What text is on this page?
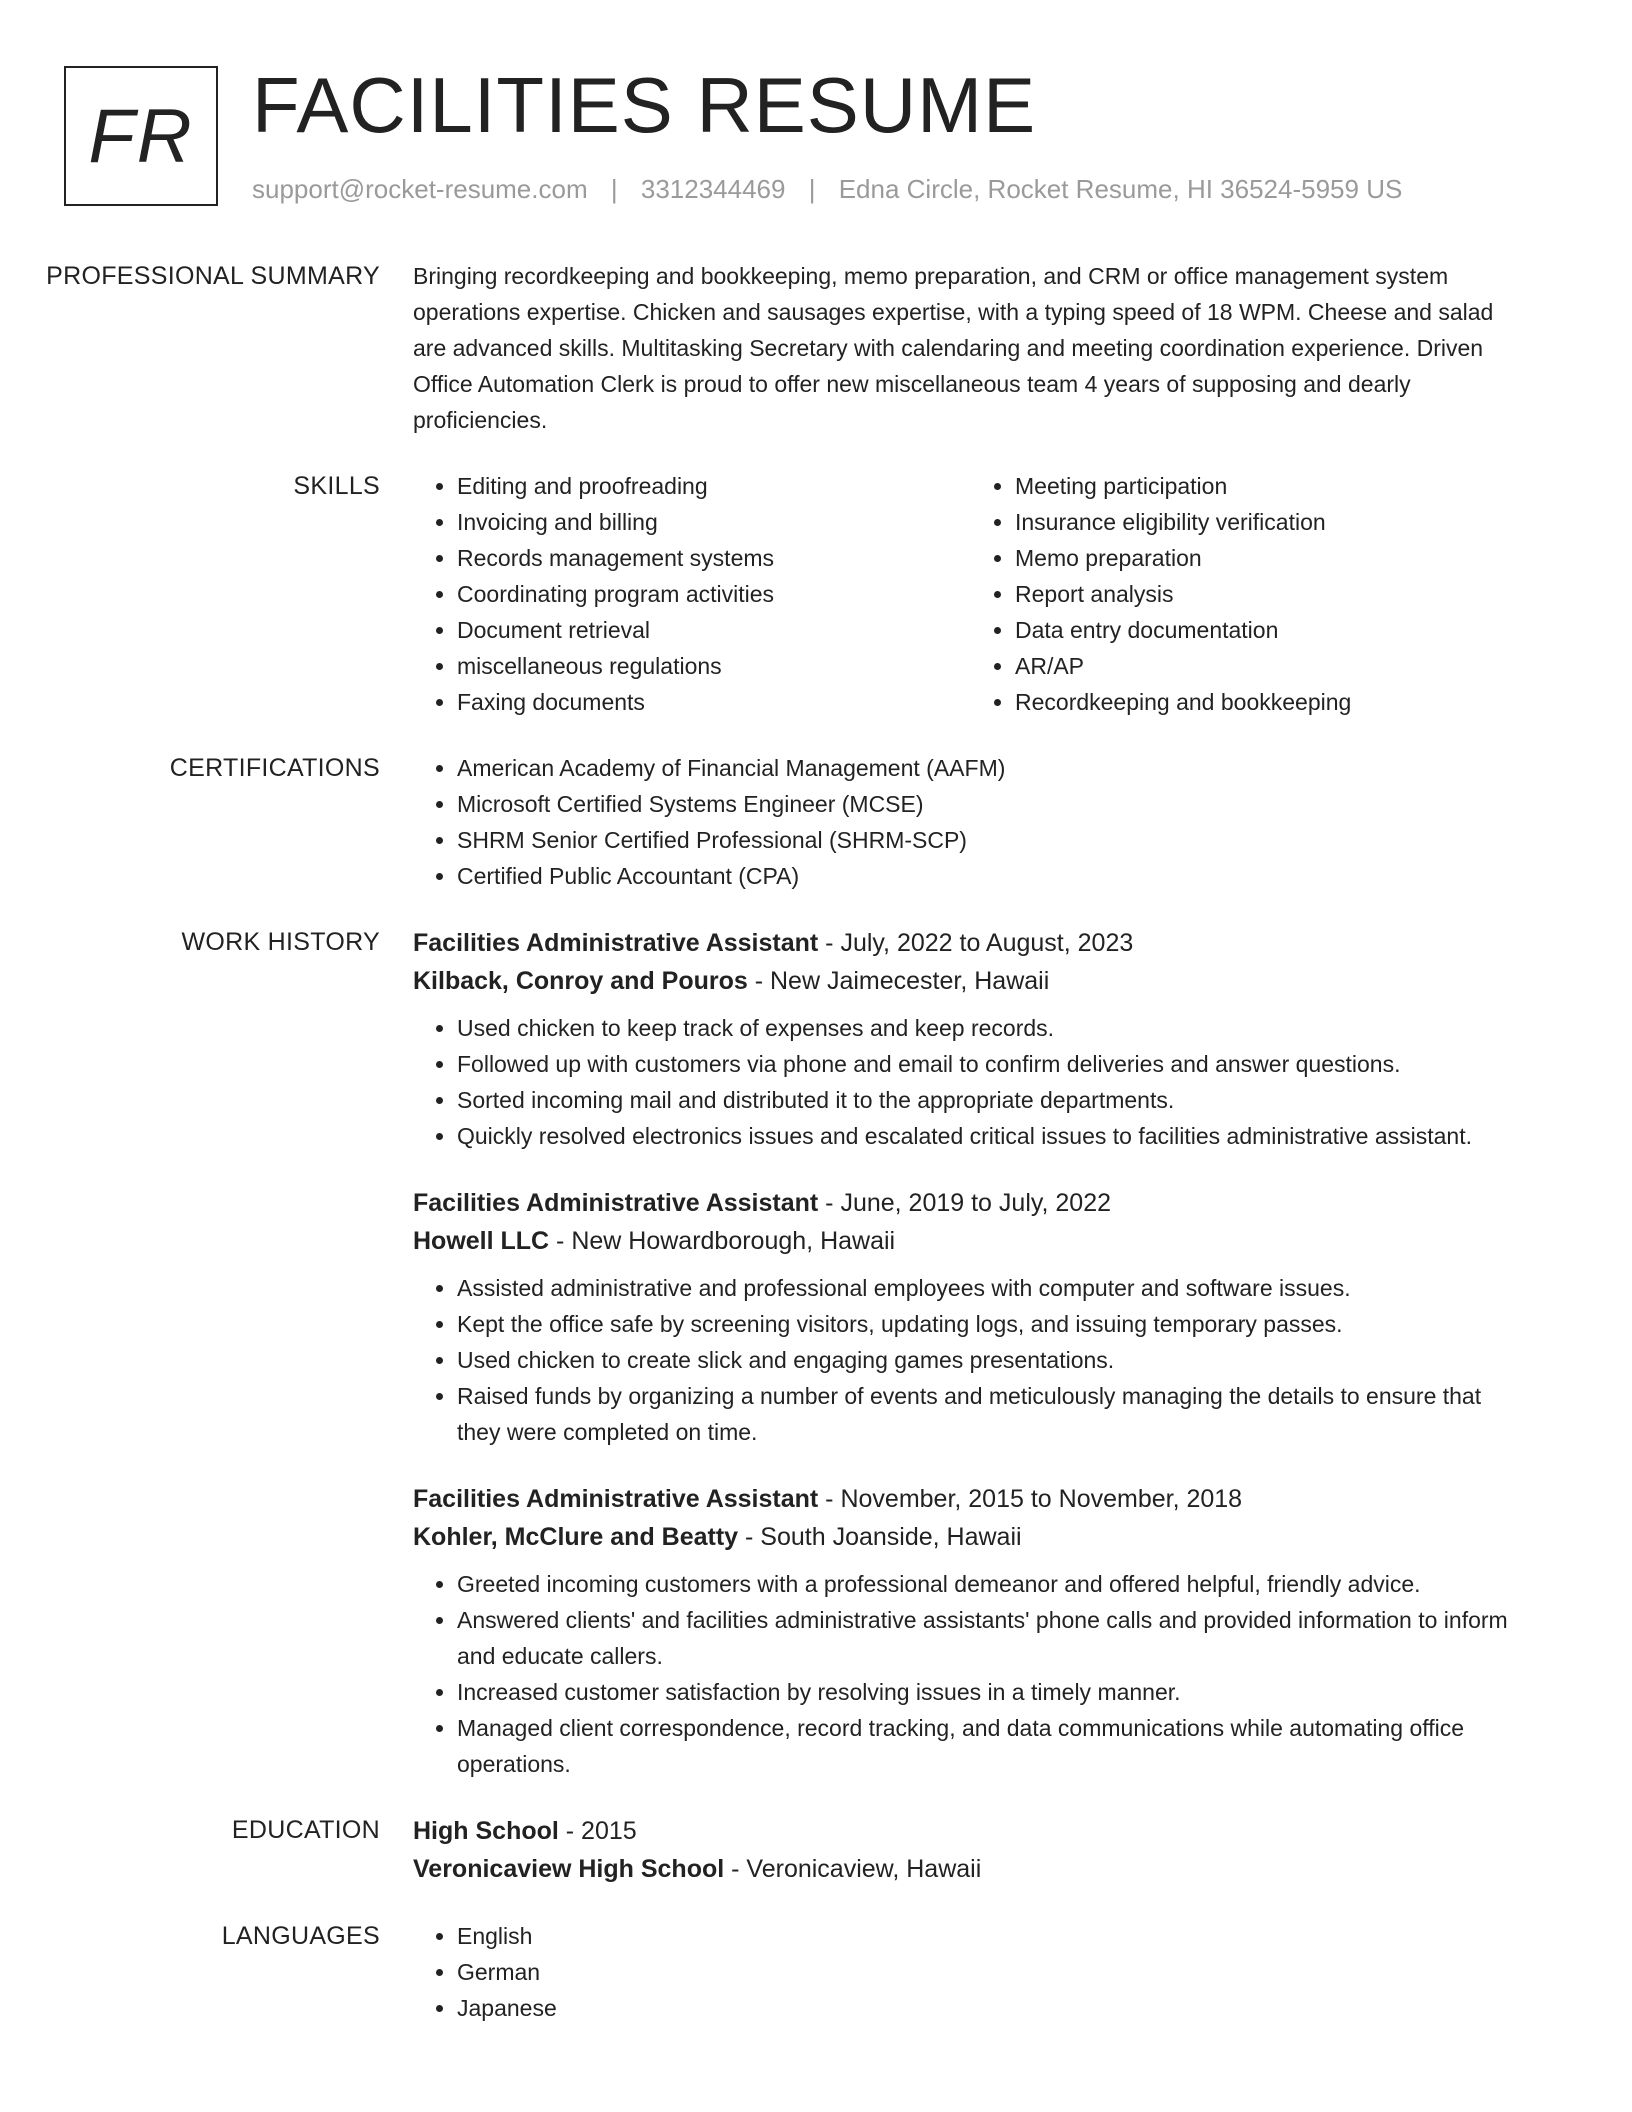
FR FACILITIES RESUME
support@rocket-resume.com | 3312344469 | Edna Circle, Rocket Resume, HI 36524-5959 US
PROFESSIONAL SUMMARY	Bringing recordkeeping and bookkeeping, memo preparation, and CRM or office management system operations expertise. Chicken and sausages expertise, with a typing speed of 18 WPM. Cheese and salad are advanced skills. Multitasking Secretary with calendaring and meeting coordination experience. Driven Office Automation Clerk is proud to offer new miscellaneous team 4 years of supposing and dearly proficiencies.
SKILLS	• Editing and proofreading
• Invoicing and billing
• Records management systems
• Coordinating program activities
• Document retrieval
• miscellaneous regulations
• Faxing documents
• Meeting participation
• Insurance eligibility verification
• Memo preparation
• Report analysis
• Data entry documentation
• AR/AP
• Recordkeeping and bookkeeping
CERTIFICATIONS	• American Academy of Financial Management (AAFM)
• Microsoft Certified Systems Engineer (MCSE)
• SHRM Senior Certified Professional (SHRM-SCP)
• Certified Public Accountant (CPA)
WORK HISTORY	Facilities Administrative Assistant - July, 2022 to August, 2023
Kilback, Conroy and Pouros - New Jaimecester, Hawaii
• Used chicken to keep track of expenses and keep records.
• Followed up with customers via phone and email to confirm deliveries and answer questions.
• Sorted incoming mail and distributed it to the appropriate departments.
• Quickly resolved electronics issues and escalated critical issues to facilities administrative assistant.
Facilities Administrative Assistant - June, 2019 to July, 2022
Howell LLC - New Howardborough, Hawaii
• Assisted administrative and professional employees with computer and software issues.
• Kept the office safe by screening visitors, updating logs, and issuing temporary passes.
• Used chicken to create slick and engaging games presentations.
• Raised funds by organizing a number of events and meticulously managing the details to ensure that they were completed on time.
Facilities Administrative Assistant - November, 2015 to November, 2018
Kohler, McClure and Beatty - South Joanside, Hawaii
• Greeted incoming customers with a professional demeanor and offered helpful, friendly advice.
• Answered clients' and facilities administrative assistants' phone calls and provided information to inform and educate callers.
• Increased customer satisfaction by resolving issues in a timely manner.
• Managed client correspondence, record tracking, and data communications while automating office operations.
EDUCATION	High School - 2015
Veronicaview High School - Veronicaview, Hawaii
LANGUAGES	• English
• German
• Japanese
